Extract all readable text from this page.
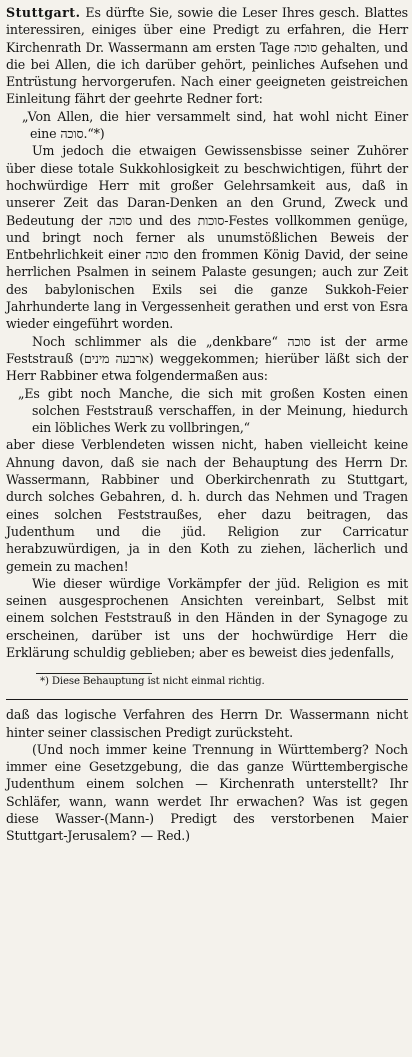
Stuttgart. Es dürfte Sie, sowie die Leser Ihres gesch. Blattes interessiren, einiges über eine Predigt zu erfahren, die Herr Kirchenrath Dr. Wassermann am ersten Tage סוכה gehalten, und die bei Allen, die ich darüber gehört, peinliches Aufsehen und Entrüstung hervorgerufen. Nach einer geeigneten geistreichen Einleitung fährt der geehrte Redner fort:

„Von Allen, die hier versammelt sind, hat wohl nicht Einer eine סוכה.“*)

Um jedoch die etwaigen Gewissensbisse seiner Zuhörer über diese totale Sukkohlosigkeit zu beschwichtigen, führt der hochwürdige Herr mit großer Gelehrsamkeit aus, daß in unserer Zeit das Daran-Denken an den Grund, Zweck und Bedeutung der סוכה und des סוכות-Festes vollkommen genüge, und bringt noch ferner als unumstößlichen Beweis der Entbehrlichkeit einer סוכה den frommen König David, der seine herrlichen Psalmen in seinem Palaste gesungen; auch zur Zeit des babylonischen Exils sei die ganze Sukkoh-Feier Jahrhunderte lang in Vergessenheit gerathen und erst von Esra wieder eingeführt worden.

Noch schlimmer als die „denkbare“ סוכה ist der arme Feststrauß (ארבעה מינים) weggekommen; hierüber läßt sich der Herr Rabbiner etwa folgendermaßen aus:

„Es gibt noch Manche, die sich mit großen Kosten einen solchen Feststrauß verschaffen, in der Meinung, hiedurch ein löbliches Werk zu vollbringen,“

aber diese Verblendeten wissen nicht, haben vielleicht keine Ahnung davon, daß sie nach der Behauptung des Herrn Dr. Wassermann, Rabbiner und Oberkirchenrath zu Stuttgart, durch solches Gebahren, d. h. durch das Nehmen und Tragen eines solchen Feststraußes, eher dazu beitragen, das Judenthum und die jüd. Religion zur Carricatur herabzuwürdigen, ja in den Koth zu ziehen, lächerlich und gemein zu machen!

Wie dieser würdige Vorkämpfer der jüd. Religion es mit seinen ausgesprochenen Ansichten vereinbart, Selbst mit einem solchen Feststrauß in den Händen in der Synagoge zu erscheinen, darüber ist uns der hochwürdige Herr die Erklärung schuldig geblieben; aber es beweist dies jedenfalls,

*) Diese Behauptung ist nicht einmal richtig.

daß das logische Verfahren des Herrn Dr. Wassermann nicht hinter seiner classischen Predigt zurücksteht.

(Und noch immer keine Trennung in Württemberg? Noch immer eine Gesetzgebung, die das ganze Württembergische Judenthum einem solchen — Kirchenrath unterstellt? Ihr Schläfer, wann, wann werdet Ihr erwachen? Was ist gegen diese Wasser-(Mann-) Predigt des verstorbenen Maier Stuttgart-Jerusalem? — Red.)
